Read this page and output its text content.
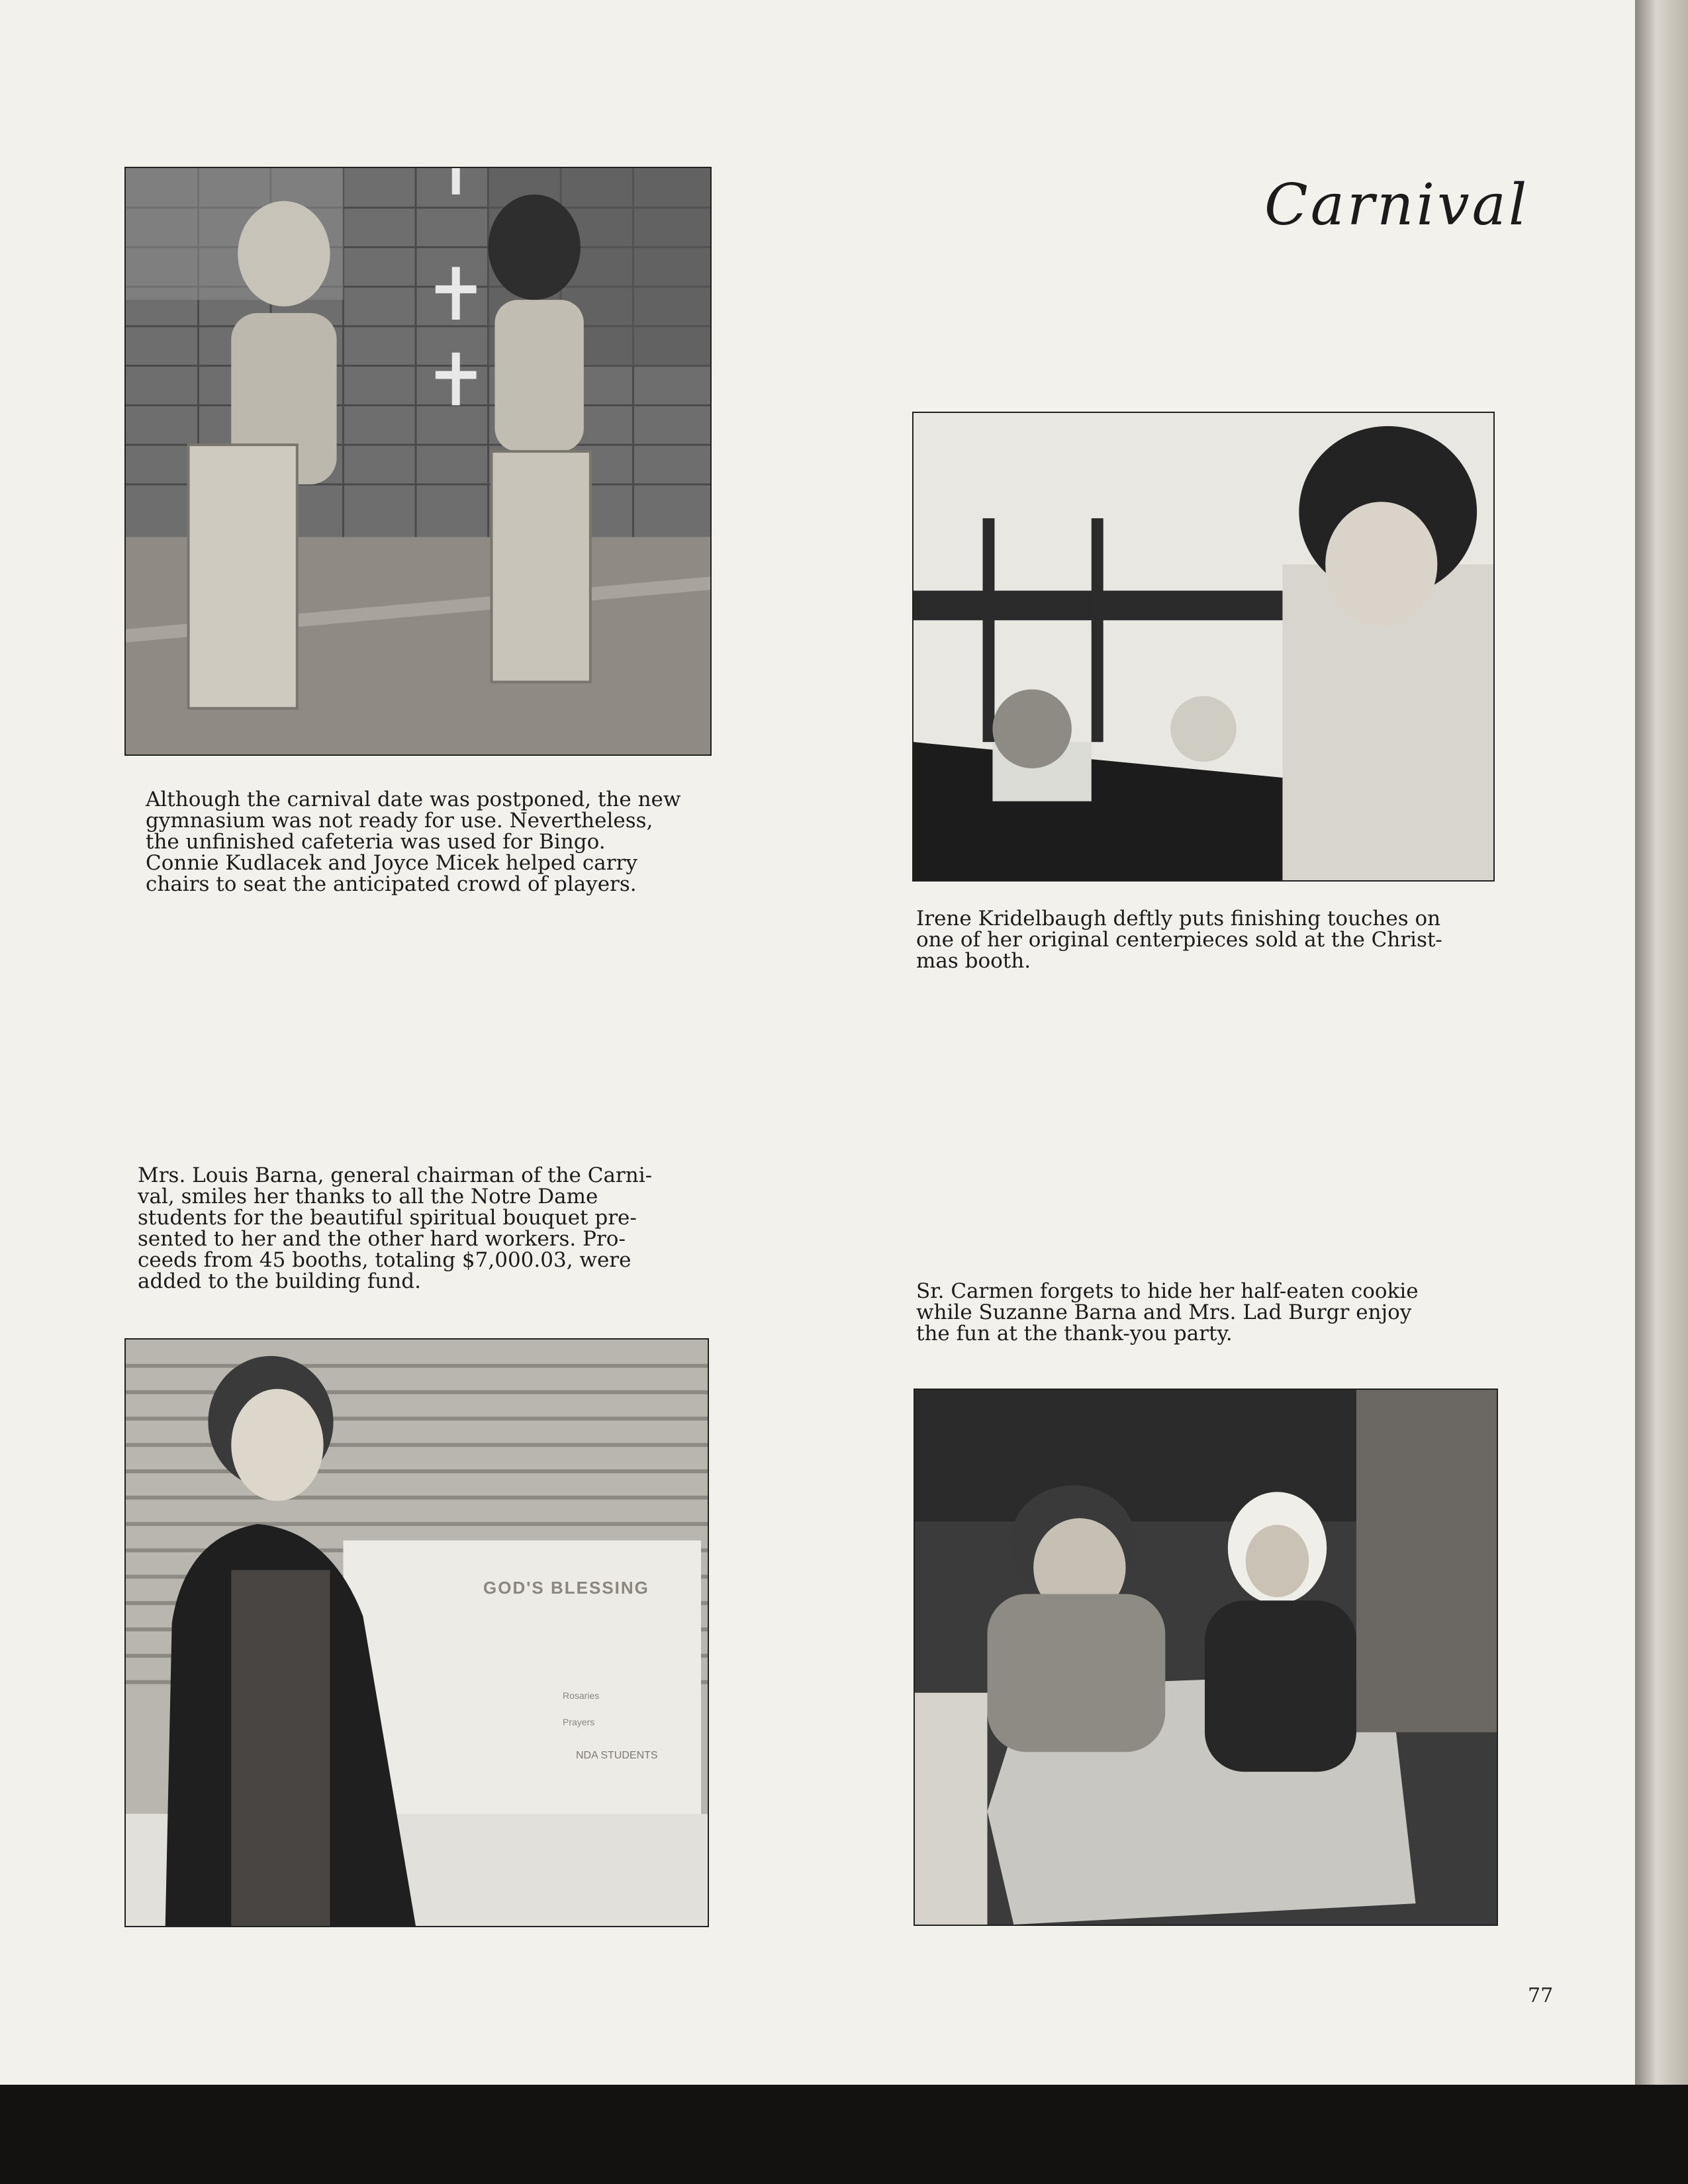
Carnival
Although the carnival date was postponed, the new
gymnasium was not ready for use. Nevertheless,
the unfinished cafeteria was used for Bingo.
Connie Kudlacek and Joyce Micek helped carry
chairs to seat the anticipated crowd of players.
Irene Kridelbaugh deftly puts finishing touches on
one of her original centerpieces sold at the Christ-
mas booth.
Mrs. Louis Barna, general chairman of the Carni-
val, smiles her thanks to all the Notre Dame
students for the beautiful spiritual bouquet pre-
sented to her and the other hard workers. Pro-
ceeds from 45 booths, totaling $7,000.03, were
added to the building fund.	Sr. Carmen forgets to hide her half-eaten cookie
while Suzanne Barna and Mrs. Lad Burgr enjoy
the fun at the thank-you party.
GOD'S BLESSING
Rosaries
Prayers
NDA STUDENTS
77
